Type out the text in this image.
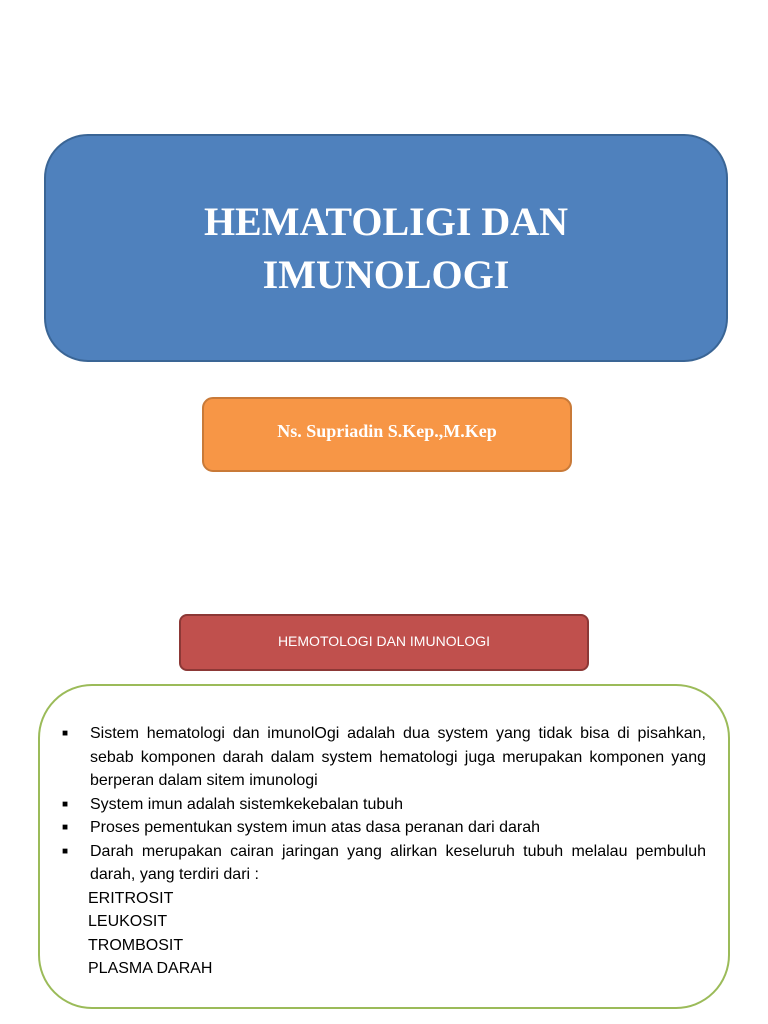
HEMATOLIGI DAN
IMUNOLOGI
Ns. Supriadin S.Kep.,M.Kep
HEMOTOLOGI DAN IMUNOLOGI
■	Sistem hematologi dan imunolOgi adalah dua system yang tidak bisa di pisahkan, sebab komponen darah dalam system hematologi juga merupakan komponen yang berperan dalam sitem imunologi
■	System imun adalah sistemkekebalan tubuh
■	Proses pementukan system imun atas dasa peranan dari darah
■	Darah merupakan cairan jaringan yang alirkan keseluruh tubuh melalau pembuluh darah, yang terdiri dari :
ERITROSIT
LEUKOSIT
TROMBOSIT
PLASMA DARAH
